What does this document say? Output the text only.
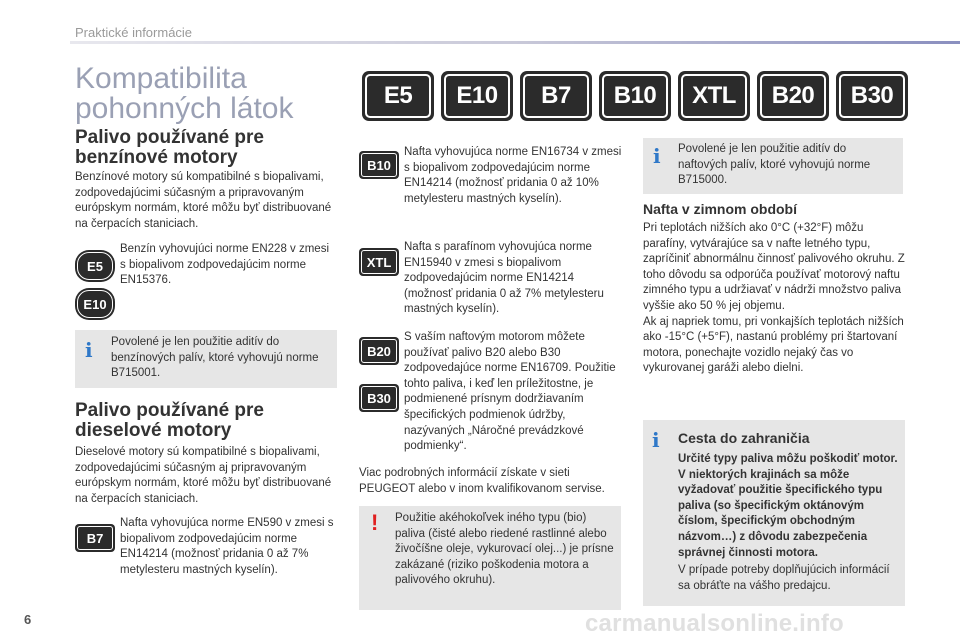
Praktické informácie
Kompatibilita
pohonných látok	E5	E10	B7	B10	XTL	B20	B30
Palivo používané pre
benzínové motory
Benzínové motory sú kompatibilné s biopalivami, zodpovedajúcimi súčasným a pripravovaným európskym normám, ktoré môžu byť distribuované na čerpacích staniciach.
E5
E10
Benzín vyhovujúci norme EN228 v zmesi s biopalivom zodpovedajúcim norme EN15376.
i Povolené je len použitie aditív do benzínových palív, ktoré vyhovujú norme B715001.
Palivo používané pre
dieselové motory
Dieselové motory sú kompatibilné s biopalivami, zodpovedajúcimi súčasným aj pripravovaným európskym normám, ktoré môžu byť distribuované na čerpacích staniciach.
B7
Nafta vyhovujúca norme EN590 v zmesi s biopalivom zodpovedajúcim norme EN14214 (možnosť pridania 0 až 7% metylesteru mastných kyselín).
B10
Nafta vyhovujúca norme EN16734 v zmesi s biopalivom zodpovedajúcim norme EN14214 (možnosť pridania 0 až 10% metylesteru mastných kyselín).
XTL
Nafta s parafínom vyhovujúca norme EN15940 v zmesi s biopalivom zodpovedajúcim norme EN14214 (možnosť pridania 0 až 7% metylesteru mastných kyselín).
B20
B30
S vaším naftovým motorom môžete používať palivo B20 alebo B30 zodpovedajúce norme EN16709. Použitie tohto paliva, i keď len príležitostne, je podmienené prísnym dodržiavaním špecifických podmienok údržby, nazývaných „Náročné prevádzkové podmienky“.
Viac podrobných informácií získate v sieti PEUGEOT alebo v inom kvalifikovanom servise.
! Použitie akéhokoľvek iného typu (bio) paliva (čisté alebo riedené rastlinné alebo živočíšne oleje, vykurovací olej...) je prísne zakázané (riziko poškodenia motora a palivového okruhu).
i Povolené je len použitie aditív do naftových palív, ktoré vyhovujú norme B715000.
Nafta v zimnom období
Pri teplotách nižších ako 0°C (+32°F) môžu parafíny, vytvárajúce sa v nafte letného typu, zapríčiniť abnormálnu činnosť palivového okruhu. Z toho dôvodu sa odporúča používať motorový naftu zimného typu a udržiavať v nádrži množstvo paliva vyššie ako 50 % jej objemu.
Ak aj napriek tomu, pri vonkajších teplotách nižších ako -15°C (+5°F), nastanú problémy pri štartovaní motora, ponechajte vozidlo nejaký čas vo vykurovanej garáži alebo dielni.
i Cesta do zahraničia
Určité typy paliva môžu poškodiť motor. V niektorých krajinách sa môže vyžadovať použitie špecifického typu paliva (so špecifickým oktánovým číslom, špecifickým obchodným názvom…) z dôvodu zabezpečenia správnej činnosti motora.
V prípade potreby doplňujúcich informácií sa obráťte na vášho predajcu.
6	carmanualsonline.info
